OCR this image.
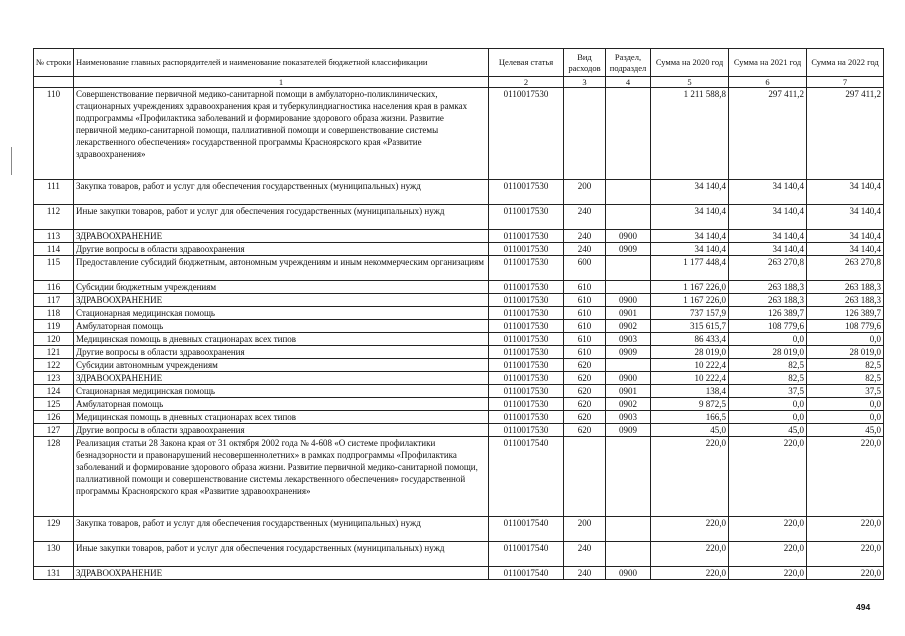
№ строки	Наименование главных распорядителей и наименование показателей бюджетной классификации	Целевая статья	Вид расходов	Раздел, подраздел	Сумма на 2020 год	Сумма на 2021 год	Сумма на 2022 год
	1	2	3	4	5	6	7
110	Совершенствование первичной медико-санитарной помощи в амбулаторно-поликлинических, стационарных учреждениях здравоохранения края и туберкулиндиагностика населения края в рамках подпрограммы «Профилактика заболеваний и формирование здорового образа жизни. Развитие первичной медико-санитарной помощи, паллиативной помощи и совершенствование системы лекарственного обеспечения» государственной программы Красноярского края «Развитие здравоохранения»	0110017530			1 211 588,8	297 411,2	297 411,2
111	Закупка товаров, работ и услуг для обеспечения государственных (муниципальных) нужд	0110017530	200		34 140,4	34 140,4	34 140,4
112	Иные закупки товаров, работ и услуг для обеспечения государственных (муниципальных) нужд	0110017530	240		34 140,4	34 140,4	34 140,4
113	ЗДРАВООХРАНЕНИЕ	0110017530	240	0900	34 140,4	34 140,4	34 140,4
114	Другие вопросы в области здравоохранения	0110017530	240	0909	34 140,4	34 140,4	34 140,4
115	Предоставление субсидий бюджетным, автономным учреждениям и иным некоммерческим организациям	0110017530	600		1 177 448,4	263 270,8	263 270,8
116	Субсидии бюджетным учреждениям	0110017530	610		1 167 226,0	263 188,3	263 188,3
117	ЗДРАВООХРАНЕНИЕ	0110017530	610	0900	1 167 226,0	263 188,3	263 188,3
118	Стационарная медицинская помощь	0110017530	610	0901	737 157,9	126 389,7	126 389,7
119	Амбулаторная помощь	0110017530	610	0902	315 615,7	108 779,6	108 779,6
120	Медицинская помощь в дневных стационарах всех типов	0110017530	610	0903	86 433,4	0,0	0,0
121	Другие вопросы в области здравоохранения	0110017530	610	0909	28 019,0	28 019,0	28 019,0
122	Субсидии автономным учреждениям	0110017530	620		10 222,4	82,5	82,5
123	ЗДРАВООХРАНЕНИЕ	0110017530	620	0900	10 222,4	82,5	82,5
124	Стационарная медицинская помощь	0110017530	620	0901	138,4	37,5	37,5
125	Амбулаторная помощь	0110017530	620	0902	9 872,5	0,0	0,0
126	Медицинская помощь в дневных стационарах всех типов	0110017530	620	0903	166,5	0,0	0,0
127	Другие вопросы в области здравоохранения	0110017530	620	0909	45,0	45,0	45,0
128	Реализация статьи 28 Закона края от 31 октября 2002 года № 4-608 «О системе профилактики безнадзорности и правонарушений несовершеннолетних» в рамках подпрограммы «Профилактика заболеваний и формирование здорового образа жизни. Развитие первичной медико-санитарной помощи, паллиативной помощи и совершенствование системы лекарственного обеспечения» государственной программы Красноярского края «Развитие здравоохранения»	0110017540			220,0	220,0	220,0
129	Закупка товаров, работ и услуг для обеспечения государственных (муниципальных) нужд	0110017540	200		220,0	220,0	220,0
130	Иные закупки товаров, работ и услуг для обеспечения государственных (муниципальных) нужд	0110017540	240		220,0	220,0	220,0
131	ЗДРАВООХРАНЕНИЕ	0110017540	240	0900	220,0	220,0	220,0
494
